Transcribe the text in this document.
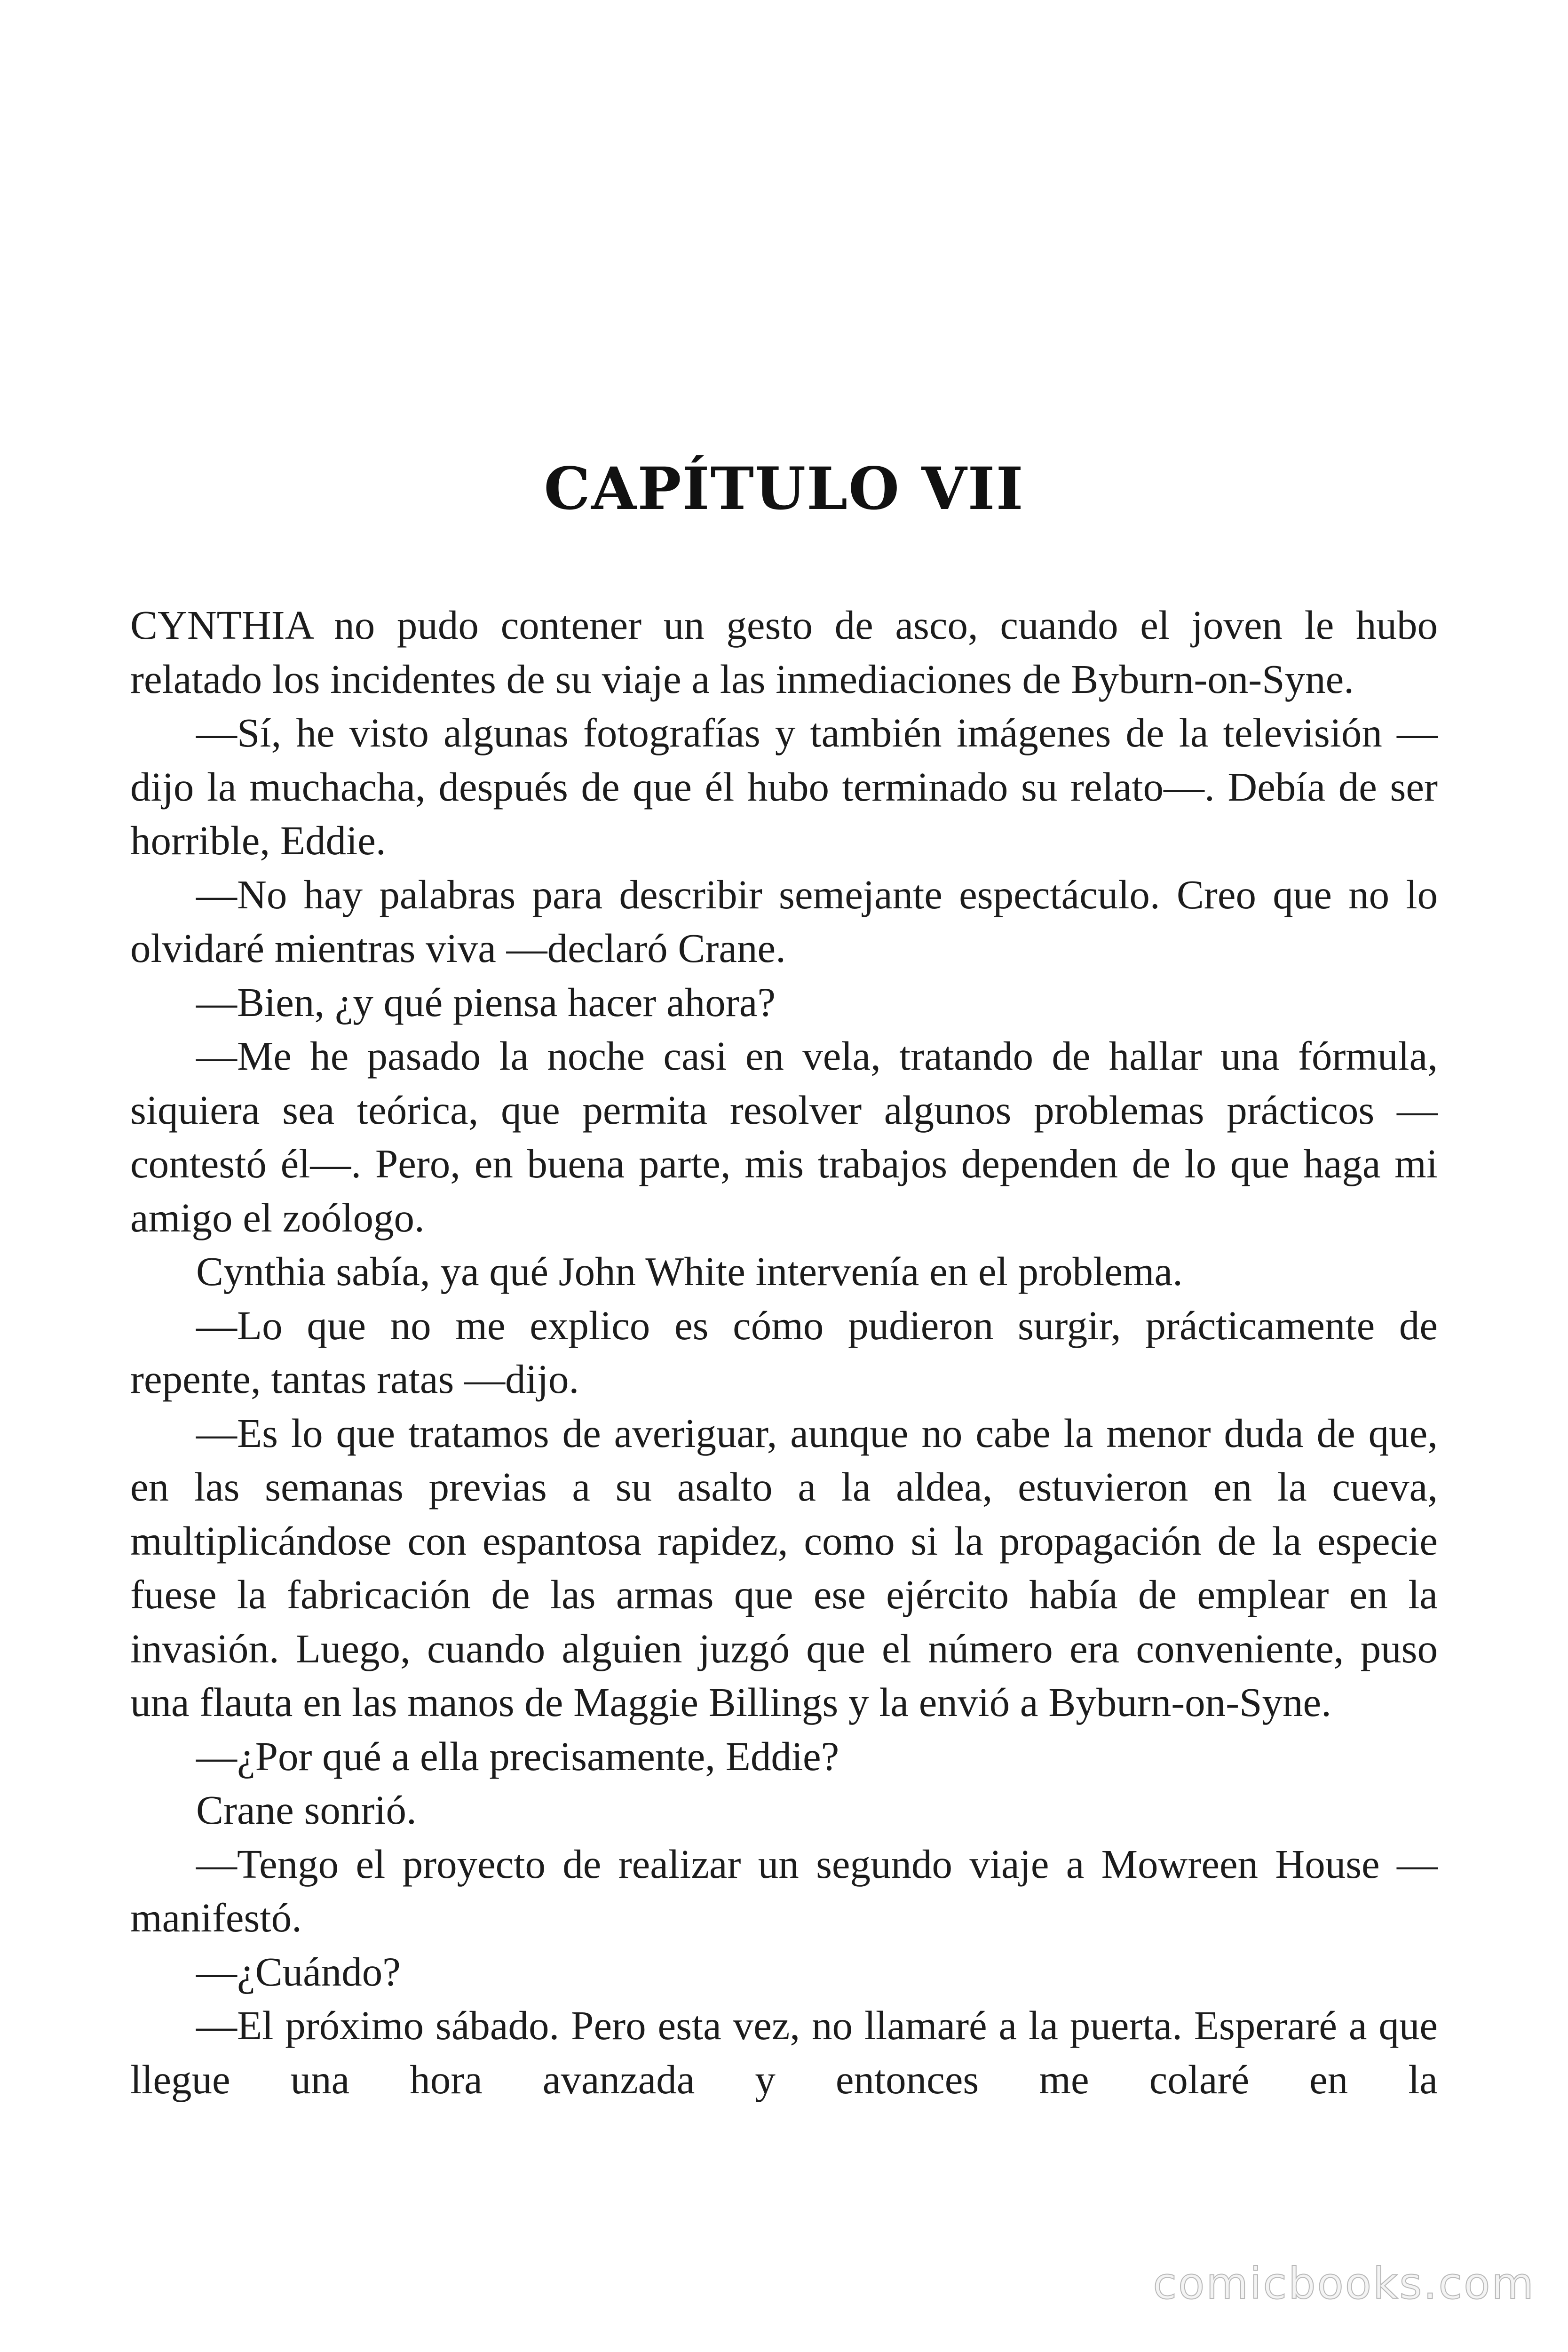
CAPÍTULO VII

CYNTHIA no pudo contener un gesto de asco, cuando el joven le hubo relatado los incidentes de su viaje a las inmediaciones de Byburn-on-Syne.

—Sí, he visto algunas fotografías y también imágenes de la televisión —dijo la muchacha, después de que él hubo terminado su relato—. Debía de ser horrible, Eddie.

—No hay palabras para describir semejante espectáculo. Creo que no lo olvidaré mientras viva —declaró Crane.

—Bien, ¿y qué piensa hacer ahora?

—Me he pasado la noche casi en vela, tratando de hallar una fórmula, siquiera sea teórica, que permita resolver algunos problemas prácticos —contestó él—. Pero, en buena parte, mis trabajos dependen de lo que haga mi amigo el zoólogo.

Cynthia sabía, ya qué John White intervenía en el problema.

—Lo que no me explico es cómo pudieron surgir, prácticamente de repente, tantas ratas —dijo.

—Es lo que tratamos de averiguar, aunque no cabe la menor duda de que, en las semanas previas a su asalto a la aldea, estuvieron en la cueva, multiplicándose con espantosa rapidez, como si la propagación de la especie fuese la fabricación de las armas que ese ejército había de emplear en la invasión. Luego, cuando alguien juzgó que el número era conveniente, puso una flauta en las manos de Maggie Billings y la envió a Byburn-on-Syne.

—¿Por qué a ella precisamente, Eddie?

Crane sonrió.

—Tengo el proyecto de realizar un segundo viaje a Mowreen House —manifestó.

—¿Cuándo?

—El próximo sábado. Pero esta vez, no llamaré a la puerta. Esperaré a que llegue una hora avanzada y entonces me colaré en la

comicbooks.com
